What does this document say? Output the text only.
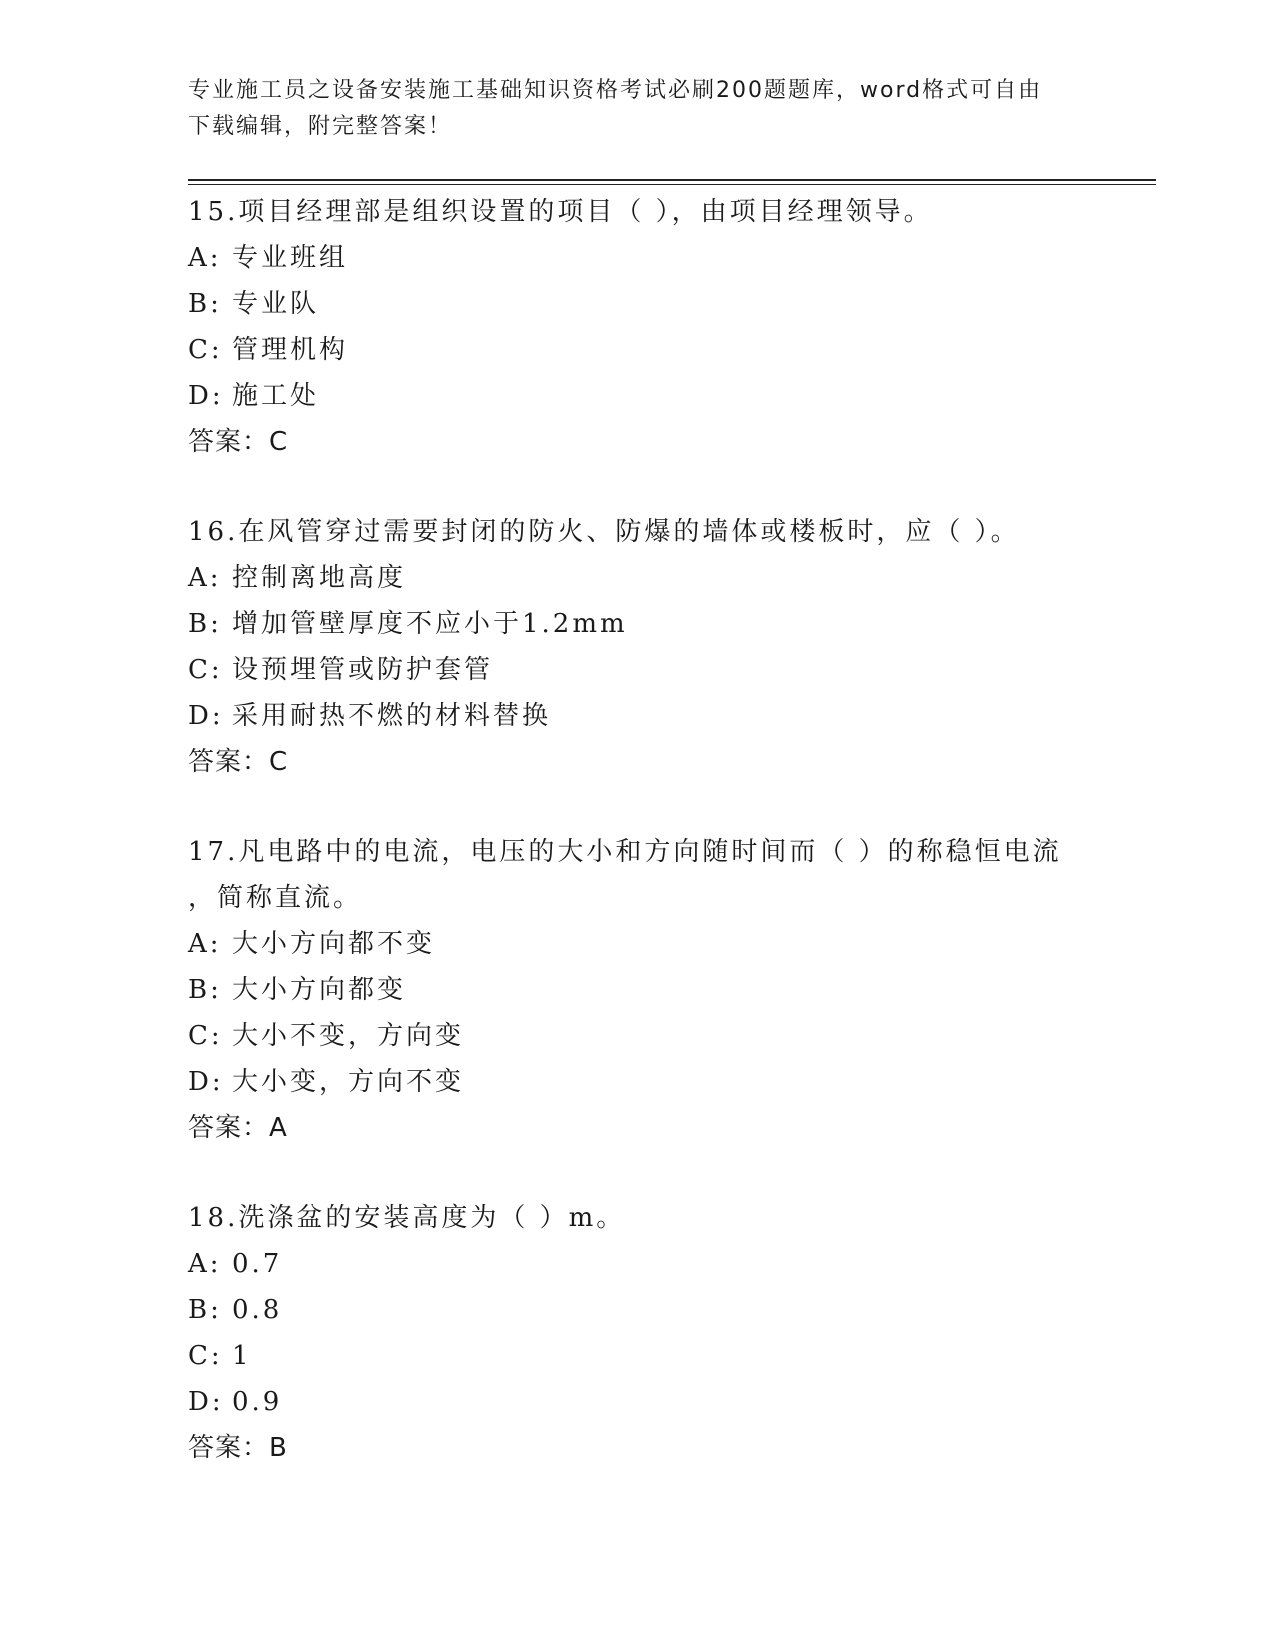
专业施工员之设备安装施工基础知识资格考试必刷200题题库，word格式可自由
下载编辑，附完整答案！
15.项目经理部是组织设置的项目（ ），由项目经理领导。
A: 专业班组
B: 专业队
C: 管理机构
D: 施工处
答案：C
16.在风管穿过需要封闭的防火、防爆的墙体或楼板时，应（ ）。
A: 控制离地高度
B: 增加管壁厚度不应小于1.2mm
C: 设预埋管或防护套管
D: 采用耐热不燃的材料替换
答案：C
17.凡电路中的电流，电压的大小和方向随时间而（ ）的称稳恒电流
，简称直流。
A: 大小方向都不变
B: 大小方向都变
C: 大小不变，方向变
D: 大小变，方向不变
答案：A
18.洗涤盆的安装高度为（ ）m。
A: 0.7
B: 0.8
C: 1
D: 0.9
答案：B
